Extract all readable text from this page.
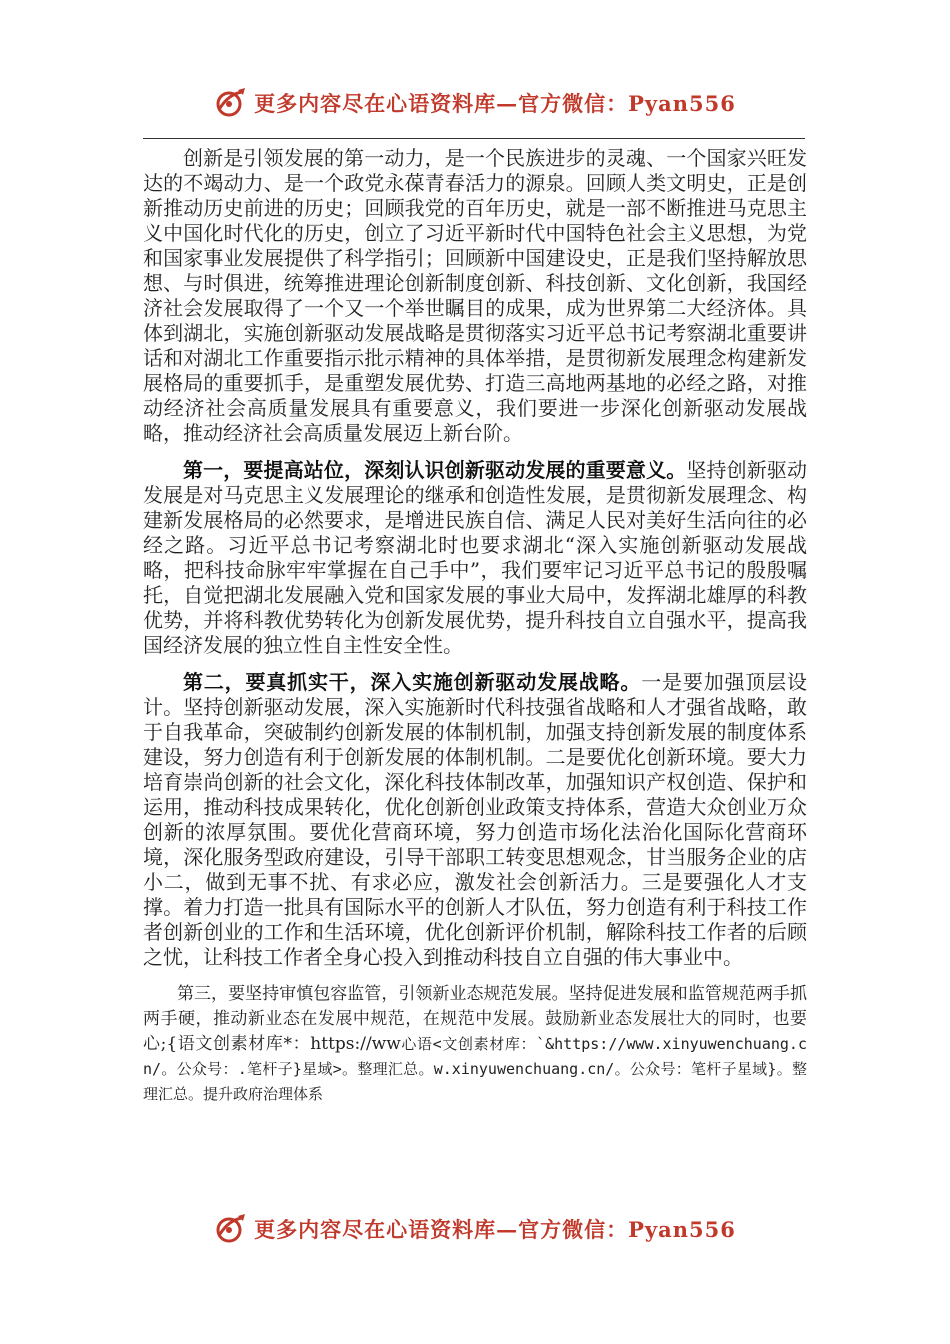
更多内容尽在心语资料库—官方微信：Pyan556

创新是引领发展的第一动力，是一个民族进步的灵魂、一个国家兴旺发达的不竭动力、是一个政党永葆青春活力的源泉。回顾人类文明史，正是创新推动历史前进的历史；回顾我党的百年历史，就是一部不断推进马克思主义中国化时代化的历史，创立了习近平新时代中国特色社会主义思想，为党和国家事业发展提供了科学指引；回顾新中国建设史，正是我们坚持解放思想、与时俱进，统筹推进理论创新制度创新、科技创新、文化创新，我国经济社会发展取得了一个又一个举世瞩目的成果，成为世界第二大经济体。具体到湖北，实施创新驱动发展战略是贯彻落实习近平总书记考察湖北重要讲话和对湖北工作重要指示批示精神的具体举措，是贯彻新发展理念构建新发展格局的重要抓手，是重塑发展优势、打造三高地两基地的必经之路，对推动经济社会高质量发展具有重要意义，我们要进一步深化创新驱动发展战略，推动经济社会高质量发展迈上新台阶。

第一，要提高站位，深刻认识创新驱动发展的重要意义。坚持创新驱动发展是对马克思主义发展理论的继承和创造性发展，是贯彻新发展理念、构建新发展格局的必然要求，是增进民族自信、满足人民对美好生活向往的必经之路。习近平总书记考察湖北时也要求湖北“深入实施创新驱动发展战略，把科技命脉牢牢掌握在自己手中”，我们要牢记习近平总书记的殷殷嘱托，自觉把湖北发展融入党和国家发展的事业大局中，发挥湖北雄厚的科教优势，并将科教优势转化为创新发展优势，提升科技自立自强水平，提高我国经济发展的独立性自主性安全性。

第二，要真抓实干，深入实施创新驱动发展战略。一是要加强顶层设计。坚持创新驱动发展，深入实施新时代科技强省战略和人才强省战略，敢于自我革命，突破制约创新发展的体制机制，加强支持创新发展的制度体系建设，努力创造有利于创新发展的体制机制。二是要优化创新环境。要大力培育崇尚创新的社会文化，深化科技体制改革，加强知识产权创造、保护和运用，推动科技成果转化，优化创新创业政策支持体系，营造大众创业万众创新的浓厚氛围。要优化营商环境，努力创造市场化法治化国际化营商环境，深化服务型政府建设，引导干部职工转变思想观念，甘当服务企业的店小二，做到无事不扰、有求必应，激发社会创新活力。三是要强化人才支撑。着力打造一批具有国际水平的创新人才队伍，努力创造有利于科技工作者创新创业的工作和生活环境，优化创新评价机制，解除科技工作者的后顾之忧，让科技工作者全身心投入到推动科技自立自强的伟大事业中。

第三，要坚持审慎包容监管，引领新业态规范发展。坚持促进发展和监管规范两手抓两手硬，推动新业态在发展中规范，在规范中发展。鼓励新业态发展壮大的同时，也要心;{语文创素材库*：https://ww心语<文创素材库：`&https://www.xinyuwenchuang.cn/。公众号：.笔杆子}星域>。整理汇总。w.xinyuwenchuang.cn/。公众号：笔杆子星域}。整理汇总。提升政府治理体系

更多内容尽在心语资料库—官方微信：Pyan556
